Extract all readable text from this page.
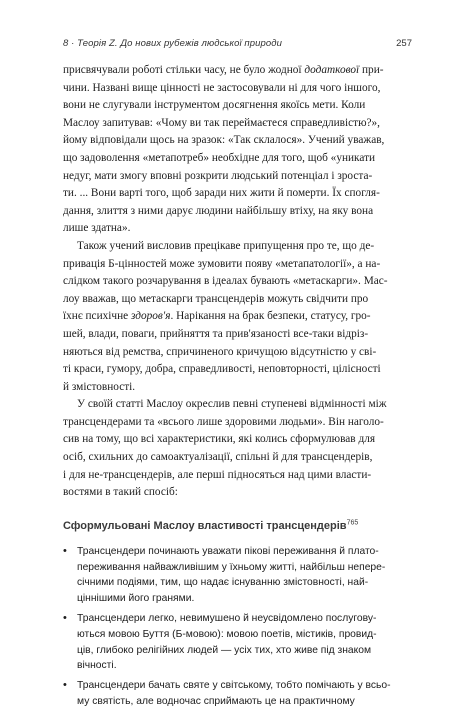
8 · Теорія Z. До нових рубежів людської природи	257

присвячували роботі стільки часу, не було жодної додаткової при-
чини. Названі вище цінності не застосовували ні для чого іншого,
вони не слугували інструментом досягнення якоїсь мети. Коли
Маслоу запитував: «Чому ви так переймаєтеся справедливістю?»,
йому відповідали щось на зразок: «Так склалося». Учений уважав,
що задоволення «метапотреб» необхідне для того, щоб «уникати
недуг, мати змогу вповні розкрити людський потенціал і зроста-
ти. ... Вони варті того, щоб заради них жити й померти. Їх спогля-
дання, злиття з ними дарує людини найбільшу втіху, на яку вона
лише здатна».

Також учений висловив прецікаве припущення про те, що де-
привація Б-цінностей може зумовити появу «метапатології», а на-
слідком такого розчарування в ідеалах бувають «метаскарги». Мас-
лоу вважав, що метаскарги трансцендерів можуть свідчити про
їхнє психічне здоров'я. Нарікання на брак безпеки, статусу, гро-
шей, влади, поваги, прийняття та прив'язаності все-таки відріз-
няються від ремства, спричиненого кричущою відсутністю у сві-
ті краси, гумору, добра, справедливості, неповторності, цілісності
й змістовності.

У своїй статті Маслоу окреслив певні ступеневі відмінності між
трансцендерами та «всього лише здоровими людьми». Він наголо-
сив на тому, що всі характеристики, які колись сформулював для
осіб, схильних до самоактуалізації, спільні й для трансцендерів,
і для не-трансцендерів, але перші підносяться над цими власти-
востями в такий спосіб:

Сформульовані Маслоу властивості трансцендерів$^{765}$
• Трансцендери починають уважати пікові переживання й плато-
переживання найважливішим у їхньому житті, найбільш непере-
січними подіями, тим, що надає існуванню змістовності, най-
ціннішими його гранями.
• Трансцендери легко, невимушено й неусвідомлено послугову-
ються мовою Буття (Б-мовою): мовою поетів, містиків, провид-
ців, глибоко релігійних людей — усіх тих, хто живе під знаком
вічності.
• Трансцендери бачать святе у світському, тобто помічають у всьо-
му святість, але водночас сприймають це на практичному
